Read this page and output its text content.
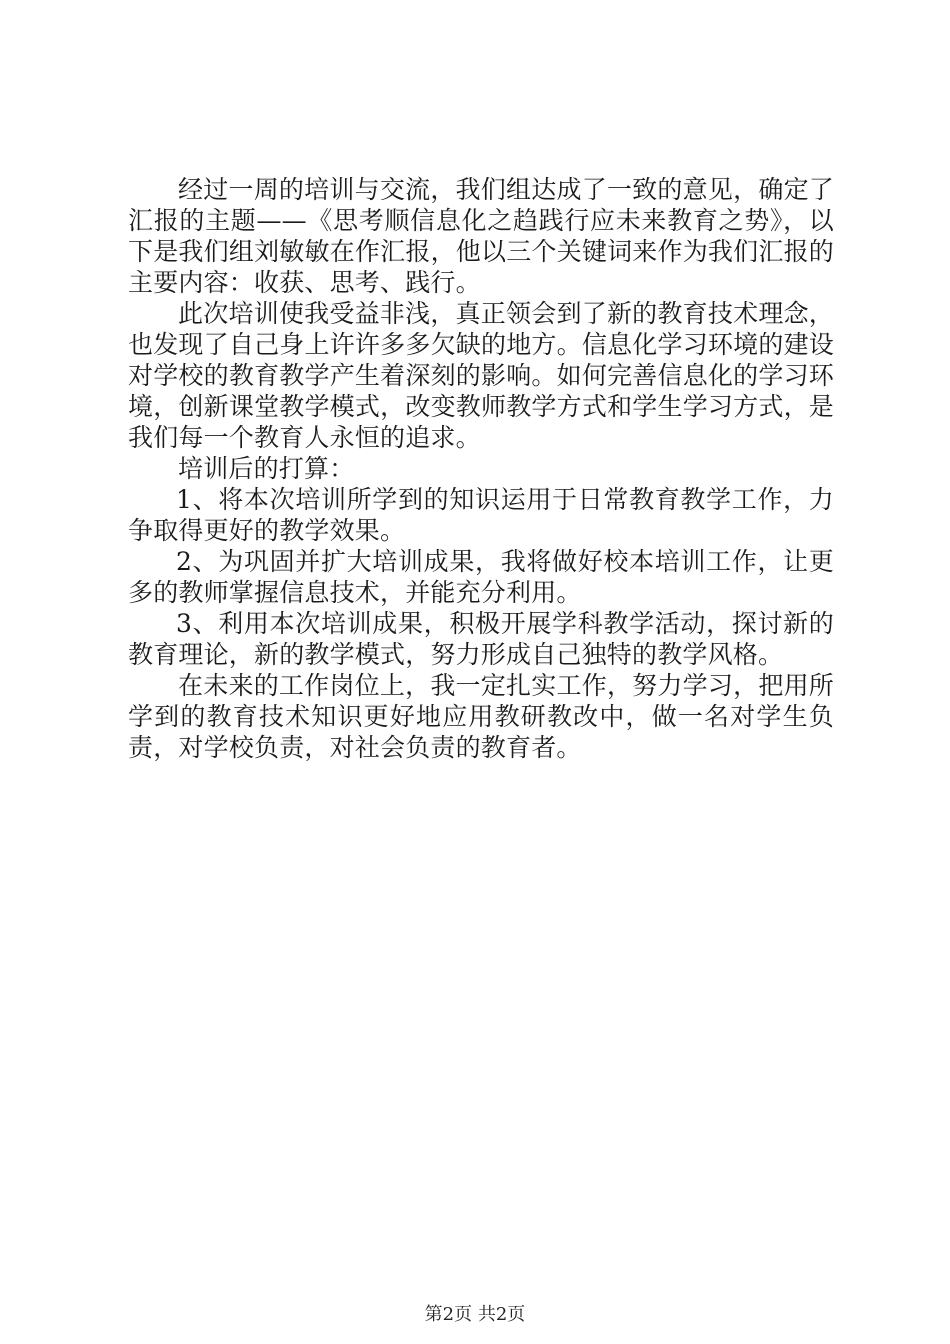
经过一周的培训与交流，我们组达成了一致的意见，确定了汇报的主题——《思考顺信息化之趋践行应未来教育之势》，以下是我们组刘敏敏在作汇报，他以三个关键词来作为我们汇报的主要内容：收获、思考、践行。

此次培训使我受益非浅，真正领会到了新的教育技术理念，也发现了自己身上许许多多欠缺的地方。信息化学习环境的建设对学校的教育教学产生着深刻的影响。如何完善信息化的学习环境，创新课堂教学模式，改变教师教学方式和学生学习方式，是我们每一个教育人永恒的追求。

培训后的打算：

1、将本次培训所学到的知识运用于日常教育教学工作，力争取得更好的教学效果。

2、为巩固并扩大培训成果，我将做好校本培训工作，让更多的教师掌握信息技术，并能充分利用。

3、利用本次培训成果，积极开展学科教学活动，探讨新的教育理论，新的教学模式，努力形成自己独特的教学风格。

在未来的工作岗位上，我一定扎实工作，努力学习，把用所学到的教育技术知识更好地应用教研教改中，做一名对学生负责，对学校负责，对社会负责的教育者。

第2页 共2页
